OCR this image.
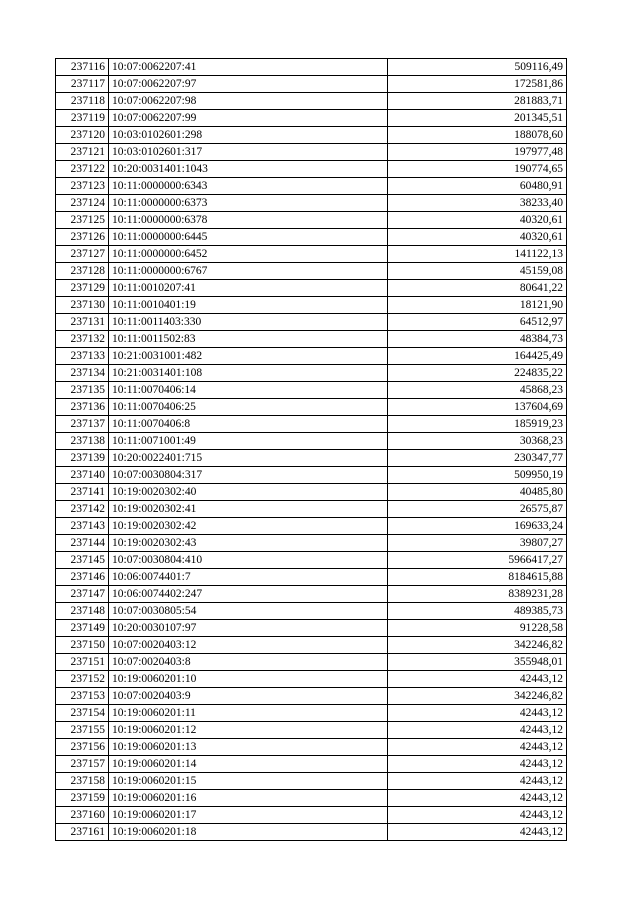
237116	10:07:0062207:41	509116,49
237117	10:07:0062207:97	172581,86
237118	10:07:0062207:98	281883,71
237119	10:07:0062207:99	201345,51
237120	10:03:0102601:298	188078,60
237121	10:03:0102601:317	197977,48
237122	10:20:0031401:1043	190774,65
237123	10:11:0000000:6343	60480,91
237124	10:11:0000000:6373	38233,40
237125	10:11:0000000:6378	40320,61
237126	10:11:0000000:6445	40320,61
237127	10:11:0000000:6452	141122,13
237128	10:11:0000000:6767	45159,08
237129	10:11:0010207:41	80641,22
237130	10:11:0010401:19	18121,90
237131	10:11:0011403:330	64512,97
237132	10:11:0011502:83	48384,73
237133	10:21:0031001:482	164425,49
237134	10:21:0031401:108	224835,22
237135	10:11:0070406:14	45868,23
237136	10:11:0070406:25	137604,69
237137	10:11:0070406:8	185919,23
237138	10:11:0071001:49	30368,23
237139	10:20:0022401:715	230347,77
237140	10:07:0030804:317	509950,19
237141	10:19:0020302:40	40485,80
237142	10:19:0020302:41	26575,87
237143	10:19:0020302:42	169633,24
237144	10:19:0020302:43	39807,27
237145	10:07:0030804:410	5966417,27
237146	10:06:0074401:7	8184615,88
237147	10:06:0074402:247	8389231,28
237148	10:07:0030805:54	489385,73
237149	10:20:0030107:97	91228,58
237150	10:07:0020403:12	342246,82
237151	10:07:0020403:8	355948,01
237152	10:19:0060201:10	42443,12
237153	10:07:0020403:9	342246,82
237154	10:19:0060201:11	42443,12
237155	10:19:0060201:12	42443,12
237156	10:19:0060201:13	42443,12
237157	10:19:0060201:14	42443,12
237158	10:19:0060201:15	42443,12
237159	10:19:0060201:16	42443,12
237160	10:19:0060201:17	42443,12
237161	10:19:0060201:18	42443,12
